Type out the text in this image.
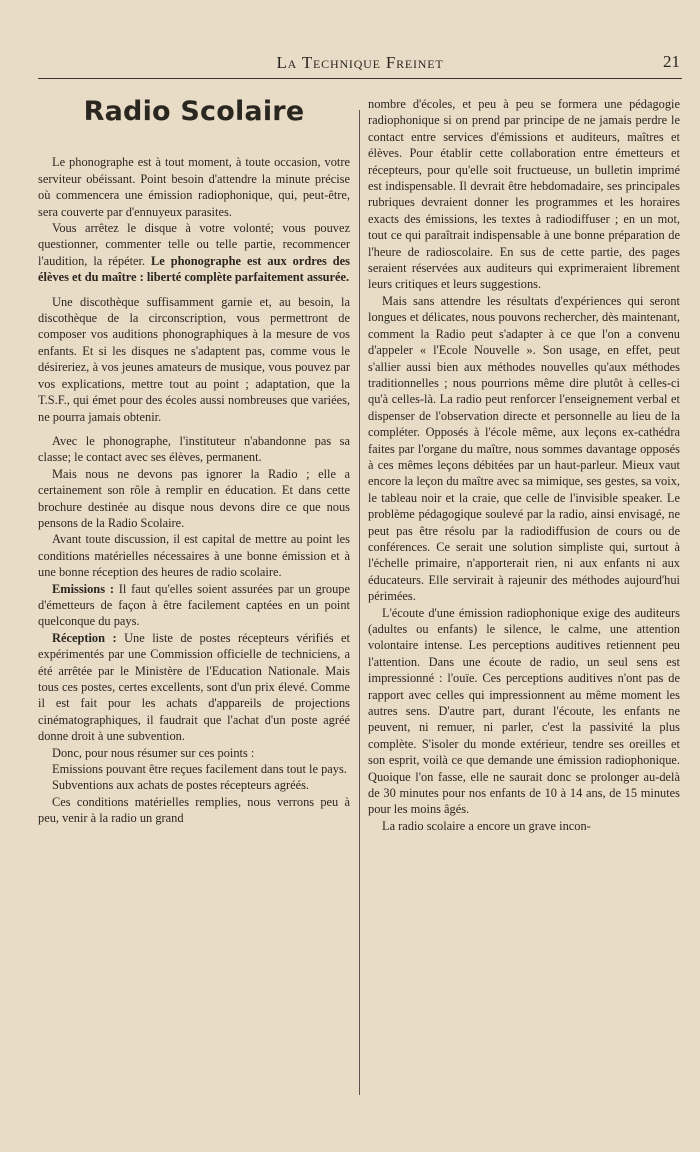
La Technique Freinet	21
Radio Scolaire

Le phonographe est à tout moment, à toute occasion, votre serviteur obéissant. Point besoin d'attendre la minute précise où commencera une émission radiophonique, qui, peut-être, sera couverte par d'ennuyeux parasites.

Vous arrêtez le disque à votre volonté; vous pouvez questionner, commenter telle ou telle partie, recommencer l'audition, la répéter. Le phonographe est aux ordres des élèves et du maître : liberté complète parfaitement assurée.

Une discothèque suffisamment garnie et, au besoin, la discothèque de la circonscription, vous permettront de composer vos auditions phonographiques à la mesure de vos enfants. Et si les disques ne s'adaptent pas, comme vous le désireriez, à vos jeunes amateurs de musique, vous pouvez par vos explications, mettre tout au point ; adaptation, que la T.S.F., qui émet pour des écoles aussi nombreuses que variées, ne pourra jamais obtenir.

Avec le phonographe, l'instituteur n'abandonne pas sa classe; le contact avec ses élèves, permanent.

Mais nous ne devons pas ignorer la Radio ; elle a certainement son rôle à remplir en éducation. Et dans cette brochure destinée au disque nous devons dire ce que nous pensons de la Radio Scolaire.

Avant toute discussion, il est capital de mettre au point les conditions matérielles nécessaires à une bonne émission et à une bonne réception des heures de radio scolaire.

Emissions : Il faut qu'elles soient assurées par un groupe d'émetteurs de façon à être facilement captées en un point quelconque du pays.

Réception : Une liste de postes récepteurs vérifiés et expérimentés par une Commission officielle de techniciens, a été arrêtée par le Ministère de l'Education Nationale. Mais tous ces postes, certes excellents, sont d'un prix élevé. Comme il est fait pour les achats d'appareils de projections cinématographiques, il faudrait que l'achat d'un poste agréé donne droit à une subvention.

Donc, pour nous résumer sur ces points :

Emissions pouvant être reçues facilement dans tout le pays.

Subventions aux achats de postes récepteurs agréés.

Ces conditions matérielles remplies, nous verrons peu à peu, venir à la radio un grand

nombre d'écoles, et peu à peu se formera une pédagogie radiophonique si on prend par principe de ne jamais perdre le contact entre services d'émissions et auditeurs, maîtres et élèves. Pour établir cette collaboration entre émetteurs et récepteurs, pour qu'elle soit fructueuse, un bulletin imprimé est indispensable. Il devrait être hebdomadaire, ses principales rubriques devraient donner les programmes et les horaires exacts des émissions, les textes à radiodiffuser ; en un mot, tout ce qui paraîtrait indispensable à une bonne préparation de l'heure de radioscolaire. En sus de cette partie, des pages seraient réservées aux auditeurs qui exprimeraient librement leurs critiques et leurs suggestions.

Mais sans attendre les résultats d'expériences qui seront longues et délicates, nous pouvons rechercher, dès maintenant, comment la Radio peut s'adapter à ce que l'on a convenu d'appeler « l'Ecole Nouvelle ». Son usage, en effet, peut s'allier aussi bien aux méthodes nouvelles qu'aux méthodes traditionnelles ; nous pourrions même dire plutôt à celles-ci qu'à celles-là. La radio peut renforcer l'enseignement verbal et dispenser de l'observation directe et personnelle au lieu de la compléter. Opposés à l'école même, aux leçons ex-cathédra faites par l'organe du maître, nous sommes davantage opposés à ces mêmes leçons débitées par un haut-parleur. Mieux vaut encore la leçon du maître avec sa mimique, ses gestes, sa voix, le tableau noir et la craie, que celle de l'invisible speaker. Le problème pédagogique soulevé par la radio, ainsi envisagé, ne peut pas être résolu par la radiodiffusion de cours ou de conférences. Ce serait une solution simpliste qui, surtout à l'échelle primaire, n'apporterait rien, ni aux enfants ni aux éducateurs. Elle servirait à rajeunir des méthodes aujourd'hui périmées.

L'écoute d'une émission radiophonique exige des auditeurs (adultes ou enfants) le silence, le calme, une attention volontaire intense. Les perceptions auditives retiennent peu l'attention. Dans une écoute de radio, un seul sens est impressionné : l'ouïe. Ces perceptions auditives n'ont pas de rapport avec celles qui impressionnent au même moment les autres sens. D'autre part, durant l'écoute, les enfants ne peuvent, ni remuer, ni parler, c'est la passivité la plus complète. S'isoler du monde extérieur, tendre ses oreilles et son esprit, voilà ce que demande une émission radiophonique. Quoique l'on fasse, elle ne saurait donc se prolonger au-delà de 30 minutes pour nos enfants de 10 à 14 ans, de 15 minutes pour les moins âgés.

La radio scolaire a encore un grave incon-
